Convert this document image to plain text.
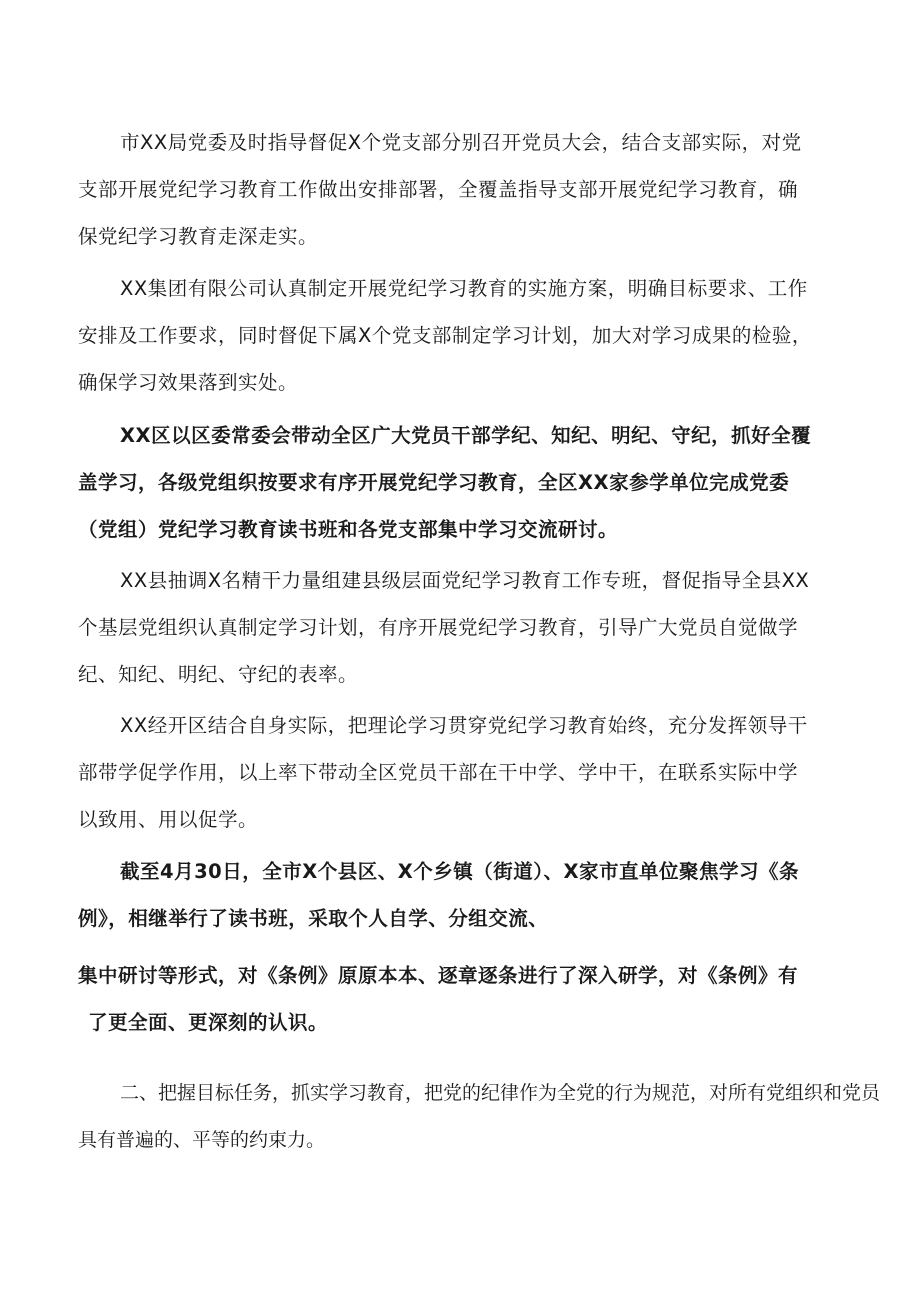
市XX局党委及时指导督促X个党支部分别召开党员大会，结合支部实际，对党
支部开展党纪学习教育工作做出安排部署，全覆盖指导支部开展党纪学习教育，确
保党纪学习教育走深走实。
XX集团有限公司认真制定开展党纪学习教育的实施方案，明确目标要求、工作
安排及工作要求，同时督促下属X个党支部制定学习计划，加大对学习成果的检验，
确保学习效果落到实处。
XX区以区委常委会带动全区广大党员干部学纪、知纪、明纪、守纪，抓好全覆
盖学习，各级党组织按要求有序开展党纪学习教育，全区XX家参学单位完成党委
（党组）党纪学习教育读书班和各党支部集中学习交流研讨。
XX县抽调X名精干力量组建县级层面党纪学习教育工作专班，督促指导全县XX
个基层党组织认真制定学习计划，有序开展党纪学习教育，引导广大党员自觉做学
纪、知纪、明纪、守纪的表率。
XX经开区结合自身实际，把理论学习贯穿党纪学习教育始终，充分发挥领导干
部带学促学作用，以上率下带动全区党员干部在干中学、学中干，在联系实际中学
以致用、用以促学。
截至4月30日，全市X个县区、X个乡镇（街道）、X家市直单位聚焦学习《条
例》，相继举行了读书班，采取个人自学、分组交流、
集中研讨等形式，对《条例》原原本本、逐章逐条进行了深入研学，对《条例》有
了更全面、更深刻的认识。
二、把握目标任务，抓实学习教育，把党的纪律作为全党的行为规范，对所有党组织和党员
具有普遍的、平等的约束力。
